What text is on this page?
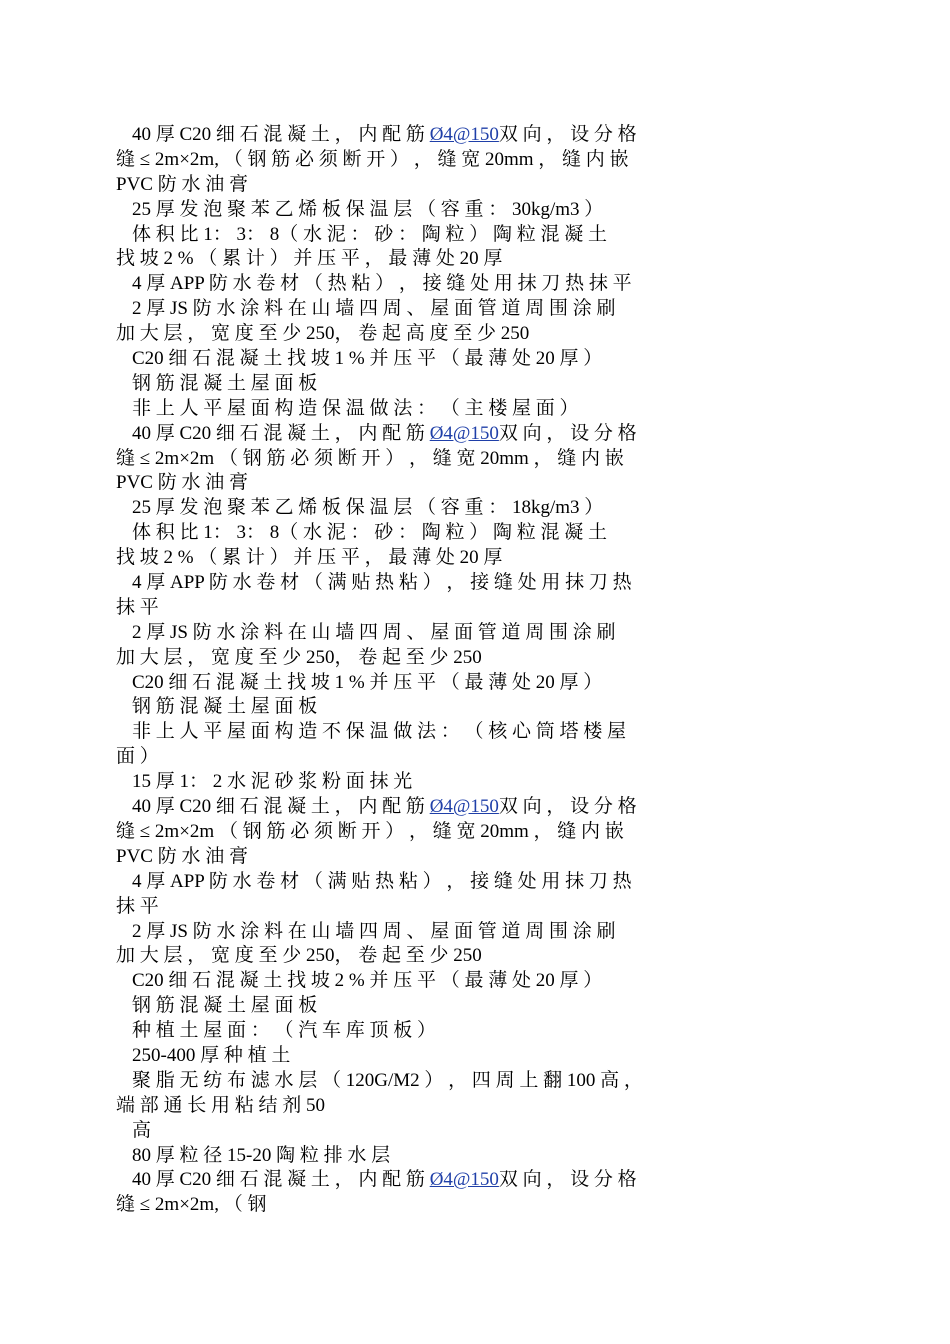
40 厚 C20 细 石 混 凝 土 ， 内 配 筋 Ø4@150双 向 ， 设 分 格
缝 ≤ 2m×2m, （ 钢 筋 必 须 断 开 ） ， 缝 宽 20mm ， 缝 内 嵌
PVC 防 水 油 膏
25 厚 发 泡 聚 苯 乙 烯 板 保 温 层 （ 容 重 ： 30kg/m3 ）
体 积 比 1： 3： 8（ 水 泥 ： 砂 ： 陶 粒 ） 陶 粒 混 凝 土
找 坡 2 % （ 累 计 ） 并 压 平 ， 最 薄 处 20 厚
4 厚 APP 防 水 卷 材 （ 热 粘 ） ， 接 缝 处 用 抹 刀 热 抹 平
2 厚 JS 防 水 涂 料 在 山 墙 四 周 、 屋 面 管 道 周 围 涂 刷
加 大 层 ， 宽 度 至 少 250， 卷 起 高 度 至 少 250
C20 细 石 混 凝 土 找 坡 1 % 并 压 平 （ 最 薄 处 20 厚 ）
钢 筋 混 凝 土 屋 面 板
非 上 人 平 屋 面 构 造 保 温 做 法 ： （ 主 楼 屋 面 ）
40 厚 C20 细 石 混 凝 土 ， 内 配 筋 Ø4@150双 向 ， 设 分 格
缝 ≤ 2m×2m （ 钢 筋 必 须 断 开 ） ， 缝 宽 20mm ， 缝 内 嵌
PVC 防 水 油 膏
25 厚 发 泡 聚 苯 乙 烯 板 保 温 层 （ 容 重 ： 18kg/m3 ）
体 积 比 1： 3： 8（ 水 泥 ： 砂 ： 陶 粒 ） 陶 粒 混 凝 土
找 坡 2 % （ 累 计 ） 并 压 平 ， 最 薄 处 20 厚
4 厚 APP 防 水 卷 材 （ 满 贴 热 粘 ） ， 接 缝 处 用 抹 刀 热
抹 平
2 厚 JS 防 水 涂 料 在 山 墙 四 周 、 屋 面 管 道 周 围 涂 刷
加 大 层 ， 宽 度 至 少 250， 卷 起 至 少 250
C20 细 石 混 凝 土 找 坡 1 % 并 压 平 （ 最 薄 处 20 厚 ）
钢 筋 混 凝 土 屋 面 板
非 上 人 平 屋 面 构 造 不 保 温 做 法 ： （ 核 心 筒 塔 楼 屋
面 ）
15 厚 1： 2 水 泥 砂 浆 粉 面 抹 光
40 厚 C20 细 石 混 凝 土 ， 内 配 筋 Ø4@150双 向 ， 设 分 格
缝 ≤ 2m×2m （ 钢 筋 必 须 断 开 ） ， 缝 宽 20mm ， 缝 内 嵌
PVC 防 水 油 膏
4 厚 APP 防 水 卷 材 （ 满 贴 热 粘 ） ， 接 缝 处 用 抹 刀 热
抹 平
2 厚 JS 防 水 涂 料 在 山 墙 四 周 、 屋 面 管 道 周 围 涂 刷
加 大 层 ， 宽 度 至 少 250， 卷 起 至 少 250
C20 细 石 混 凝 土 找 坡 2 % 并 压 平 （ 最 薄 处 20 厚 ）
钢 筋 混 凝 土 屋 面 板
种 植 土 屋 面 ： （ 汽 车 库 顶 板 ）
250-400 厚 种 植 土
聚 脂 无 纺 布 滤 水 层 （ 120G/M2 ） ， 四 周 上 翻 100 高 ，
端 部 通 长 用 粘 结 剂 50
高
80 厚 粒 径 15-20 陶 粒 排 水 层
40 厚 C20 细 石 混 凝 土 ， 内 配 筋 Ø4@150双 向 ， 设 分 格
缝 ≤ 2m×2m, （ 钢
